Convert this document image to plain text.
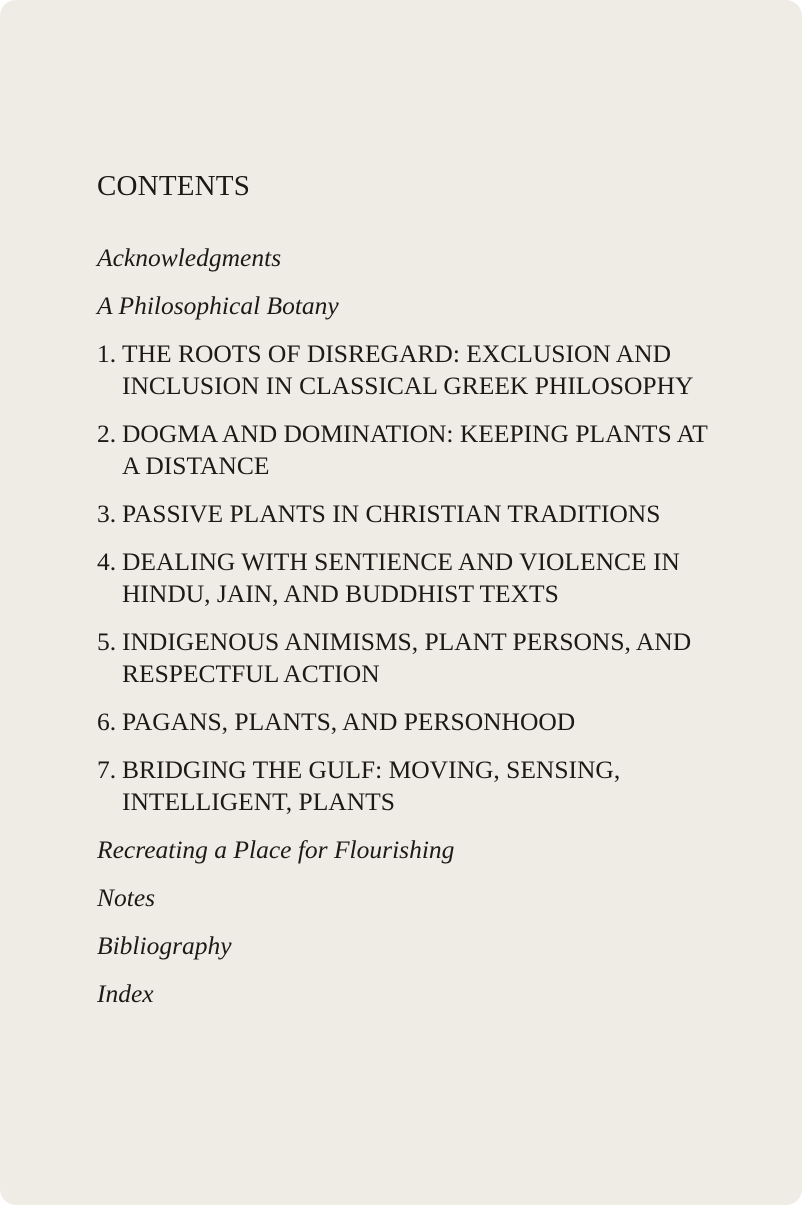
CONTENTS
Acknowledgments
A Philosophical Botany
1. THE ROOTS OF DISREGARD: EXCLUSION AND INCLUSION IN CLASSICAL GREEK PHILOSOPHY
2. DOGMA AND DOMINATION: KEEPING PLANTS AT A DISTANCE
3. PASSIVE PLANTS IN CHRISTIAN TRADITIONS
4. DEALING WITH SENTIENCE AND VIOLENCE IN HINDU, JAIN, AND BUDDHIST TEXTS
5. INDIGENOUS ANIMISMS, PLANT PERSONS, AND RESPECTFUL ACTION
6. PAGANS, PLANTS, AND PERSONHOOD
7. BRIDGING THE GULF: MOVING, SENSING, INTELLIGENT, PLANTS
Recreating a Place for Flourishing
Notes
Bibliography
Index
